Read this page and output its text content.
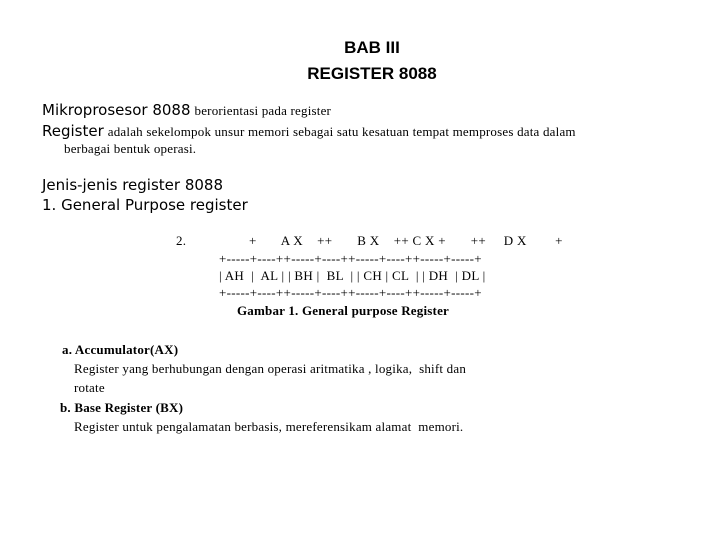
BAB III
REGISTER 8088
Mikroprosesor 8088 berorientasi pada register
Register adalah sekelompok unsur memori sebagai satu kesatuan tempat memproses data dalam
berbagai bentuk operasi.
Jenis-jenis register 8088
1. General Purpose register
2.	+       A X    ++       B X    ++ C X +       ++     D X        +
+-----+----++-----+----++-----+----++-----+-----+
| AH  |  AL | | BH |  BL  | | CH | CL  | | DH  | DL |
+-----+----++-----+----++-----+----++-----+-----+
Gambar 1. General purpose Register
a. Accumulator(AX)
Register yang berhubungan dengan operasi aritmatika , logika,  shift dan
rotate
b. Base Register (BX)
Register untuk pengalamatan berbasis, mereferensikam alamat  memori.
